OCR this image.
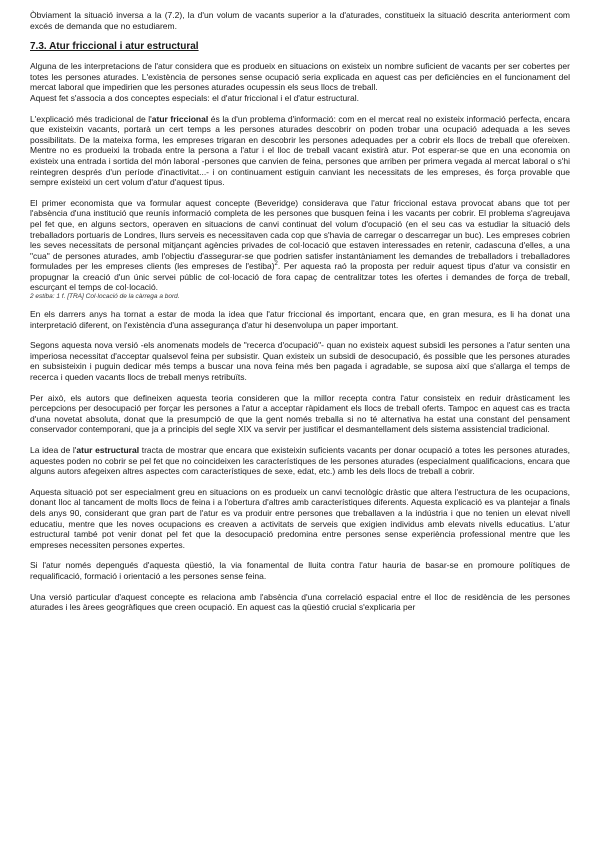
Òbviament la situació inversa a la (7.2), la d'un volum de vacants superior a la d'aturades, constitueix la situació descrita anteriorment com excés de demanda que no estudiarem.

7.3. Atur friccional i atur estructural

Alguna de les interpretacions de l'atur considera que es produeix en situacions on existeix un nombre suficient de vacants per ser cobertes per totes les persones aturades. L'existència de persones sense ocupació seria explicada en aquest cas per deficiències en el funcionament del mercat laboral que impedirien que les persones aturades ocupessin els seus llocs de treball.

Aquest fet s'associa a dos conceptes especials: el d'atur friccional i el d'atur estructural.

L'explicació més tradicional de l'atur friccional és la d'un problema d'informació: com en el mercat real no existeix informació perfecta, encara que existeixin vacants, portarà un cert temps a les persones aturades descobrir on poden trobar una ocupació adequada a les seves possibilitats. De la mateixa forma, les empreses trigaran en descobrir les persones adequades per a cobrir els llocs de treball que ofereixen. Mentre no es produeixi la trobada entre la persona a l'atur i el lloc de treball vacant existirà atur. Pot esperar-se que en una economia on existeix una entrada i sortida del món laboral -persones que canvien de feina, persones que arriben per primera vegada al mercat laboral o s'hi reintegren després d'un període d'inactivitat...- i on continuament estiguin canviant les necessitats de les empreses, és força provable que sempre existeixi un cert volum d'atur d'aquest tipus.

El primer economista que va formular aquest concepte (Beveridge) considerava que l'atur friccional estava provocat abans que tot per l'absència d'una institució que reunís informació completa de les persones que busquen feina i les vacants per cobrir. El problema s'agreujava pel fet que, en alguns sectors, operaven en situacions de canvi continuat del volum d'ocupació (en el seu cas va estudiar la situació dels treballadors portuaris de Londres, llurs serveis es necessitaven cada cop que s'havia de carregar o descarregar un buc). Les empreses cobrien les seves necessitats de personal mitjançant agències privades de col·locació que estaven interessades en retenir, cadascuna d'elles, a una "cua" de persones aturades, amb l'objectiu d'assegurar-se que podrien satisfer instantàniament les demandes de treballadors i treballadores formulades per les empreses clients (les empreses de l'estiba)$^2$. Per aquesta raó la proposta per reduir aquest tipus d'atur va consistir en propugnar la creació d'un únic servei públic de col·locació de fora capaç de centralitzar totes les ofertes i demandes de força de treball, escurçant el temps de col·locació.

2 estiba: 1 f. [TRA] Col·locació de la càrrega a bord.

En els darrers anys ha tornat a estar de moda la idea que l'atur friccional és important, encara que, en gran mesura, es li ha donat una interpretació diferent, on l'existència d'una assegurança d'atur hi desenvolupa un paper important.

Segons aquesta nova versió -els anomenats models de "recerca d'ocupació"- quan no existeix aquest subsidi les persones a l'atur senten una imperiosa necessitat d'acceptar qualsevol feina per subsistir. Quan existeix un subsidi de desocupació, és possible que les persones aturades en subsisteixin i puguin dedicar més temps a buscar una nova feina més ben pagada i agradable, se suposa així que s'allarga el temps de recerca i queden vacants llocs de treball menys retribuïts.

Per això, els autors que defineixen aquesta teoria consideren que la millor recepta contra l'atur consisteix en reduir dràsticament les percepcions per desocupació per forçar les persones a l'atur a acceptar ràpidament els llocs de treball oferts. Tampoc en aquest cas es tracta d'una novetat absoluta, donat que la presumpció de que la gent només treballa si no té alternativa ha estat una constant del pensament conservador contemporani, que ja a principis del segle XIX va servir per justificar el desmantellament dels sistema assistencial tradicional.

La idea de l'atur estructural tracta de mostrar que encara que existeixin suficients vacants per donar ocupació a totes les persones aturades, aquestes poden no cobrir se pel fet que no coincideixen les característiques de les persones aturades (especialment qualificacions, encara que alguns autors afegeixen altres aspectes com característiques de sexe, edat, etc.) amb les dels llocs de treball a cobrir.

Aquesta situació pot ser especialment greu en situacions on es produeix un canvi tecnològic dràstic que altera l'estructura de les ocupacions, donant lloc al tancament de molts llocs de feina i a l'obertura d'altres amb característiques diferents. Aquesta explicació es va plantejar a finals dels anys 90, considerant que gran part de l'atur es va produir entre persones que treballaven a la indústria i que no tenien un elevat nivell educatiu, mentre que les noves ocupacions es creaven a activitats de serveis que exigien individus amb elevats nivells educatius. L'atur estructural també pot venir donat pel fet que la desocupació predomina entre persones sense experiència professional mentre que les empreses necessiten persones expertes.

Si l'atur només depengués d'aquesta qüestió, la via fonamental de lluita contra l'atur hauria de basar-se en promoure polítiques de requalificació, formació i orientació a les persones sense feina.

Una versió particular d'aquest concepte es relaciona amb l'absència d'una correlació espacial entre el lloc de residència de les persones aturades i les àrees geogràfiques que creen ocupació. En aquest cas la qüestió crucial s'explicaria per
